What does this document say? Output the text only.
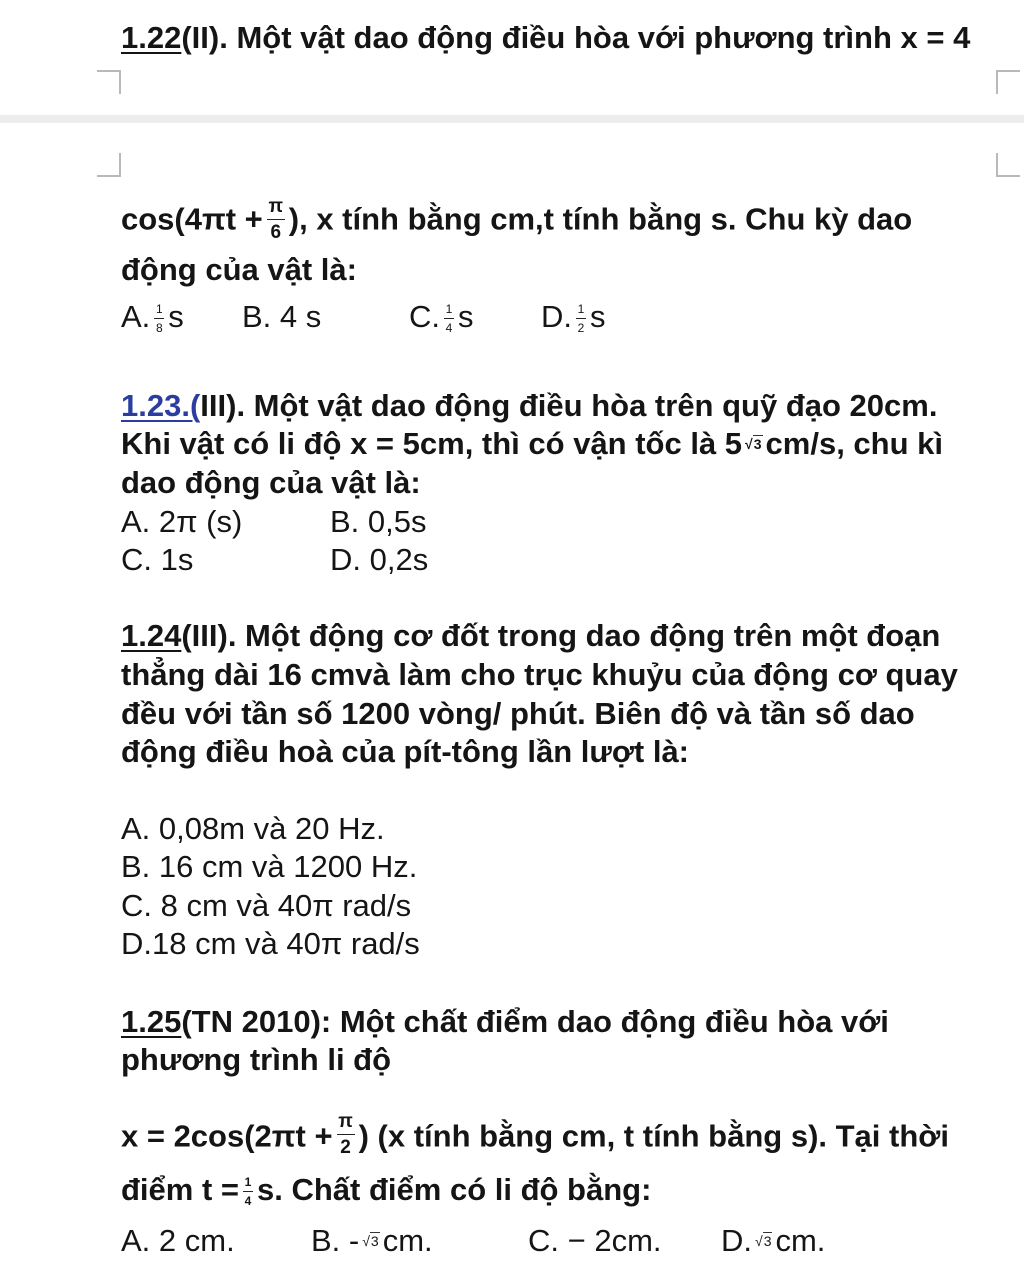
1.22(II). Một vật dao động điều hòa với phương trình x = 4
$\cos(4\pi t + \frac{\pi}{6}$ ), x tính bằng cm,t tính bằng s. Chu kỳ dao
động của vật là:
A. $\frac{1}{8}$ s B. 4 s	C. $\frac{1}{4}$ s D. $\frac{1}{2}$ s
1.23.(III). Một vật dao động điều hòa trên quỹ đạo 20cm.
Khi vật có li độ x = 5cm, thì có vận tốc là 5 √3 cm/s, chu kì
dao động của vật là:
A. 2π (s)	B. 0,5s
C. 1s	D. 0,2s
1.24(III). Một động cơ đốt trong dao động trên một đoạn
thẳng dài 16 cmvà làm cho trục khuỷu của động cơ quay
đều với tần số 1200 vòng/ phút. Biên độ và tần số dao
động điều hoà của pít-tông lần lượt là:
A. 0,08m và 20 Hz.
B. 16 cm và 1200 Hz.
C. 8 cm và 40π rad/s
D.18 cm và 40π rad/s
1.25(TN 2010): Một chất điểm dao động điều hòa với
phương trình li độ
$x = 2\cos(2\pi t + \frac{\pi}{2}$ ) (x tính bằng cm, t tính bằng s). Tại thời
điểm $t = \frac{1}{4} s$. Chất điểm có li độ bằng:
A. 2 cm. B. - √3 cm.	C. − 2cm. D. √3 cm.
